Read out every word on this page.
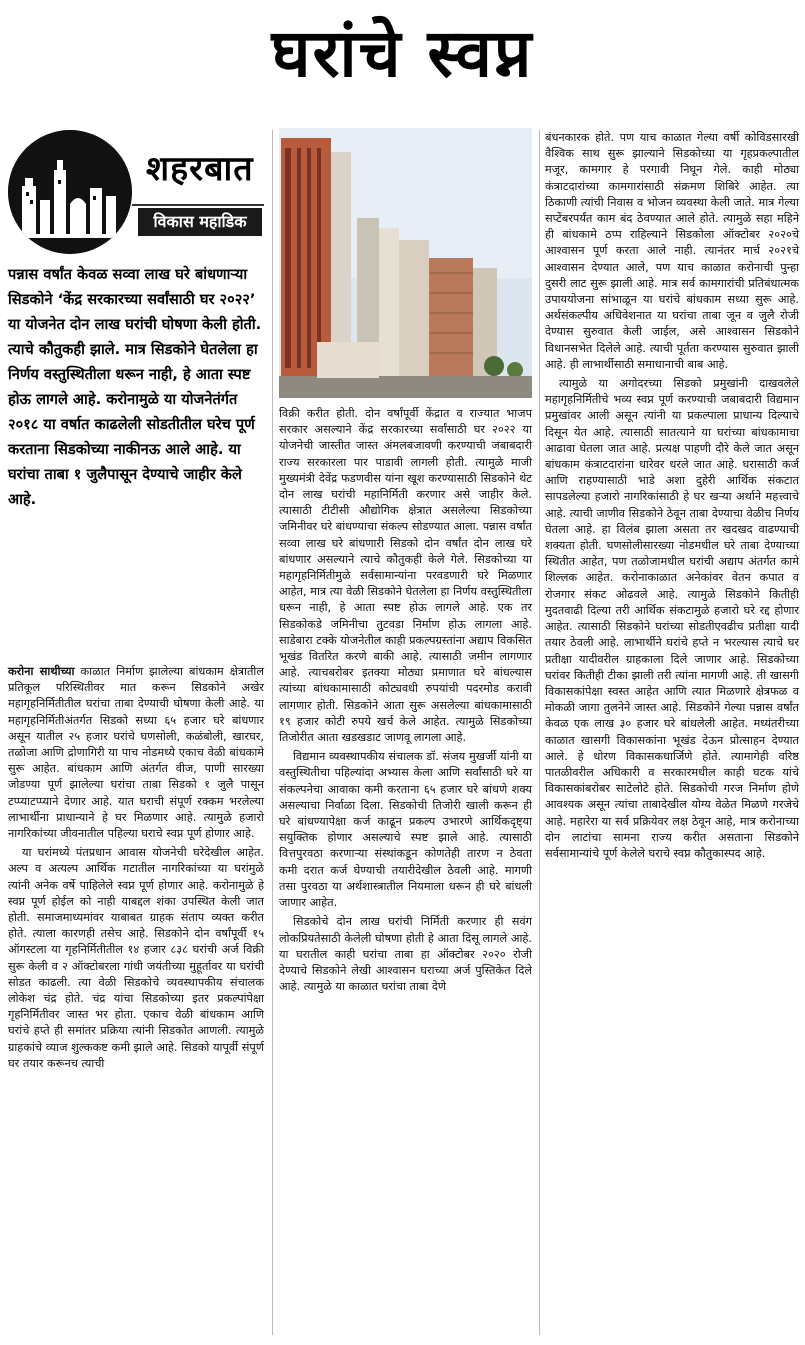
घरांचे स्वप्न
शहरबात
विकास महाडिक
पन्नास वर्षांत केवळ सव्वा लाख घरे बांधणाऱ्या सिडकोने ‘केंद्र सरकारच्या सर्वांसाठी घर २०२२’ या योजनेत दोन लाख घरांची घोषणा केली होती. त्याचे कौतुकही झाले. मात्र सिडकोने घेतलेला हा निर्णय वस्तुस्थितीला धरून नाही, हे आता स्पष्ट होऊ लागले आहे. करोनामुळे या योजनेतंर्गत २०१८ या वर्षात काढलेली सोडतीतील घरेच पूर्ण करताना सिडकोच्या नाकीनऊ आले आहे. या घरांचा ताबा १ जुलैपासून देण्याचे जाहीर केले आहे.

करोना साथीच्या काळात निर्माण झालेल्या बांधकाम क्षेत्रातील प्रतिकूल परिस्थितीवर मात करून सिडकोने अखेर महागृहनिर्मितीतील घरांचा ताबा देण्याची घोषणा केली आहे. या महागृहनिर्मितीअंतर्गत सिडको सध्या ६५ हजार घरे बांधणार असून यातील २५ हजार घरांचे घणसोली, कळंबोली, खारघर, तळोजा आणि द्रोणागिरी या पाच नोडमध्ये एकाच वेळी बांधकामे सुरू आहेत. बांधकाम आणि अंतर्गत वीज, पाणी सारख्या जोडण्या पूर्ण झालेल्या घरांचा ताबा सिडको १ जुलै पासून टप्प्याटप्प्याने देणार आहे. यात घराची संपूर्ण रक्कम भरलेल्या लाभार्थीना प्राधान्याने हे घर मिळणार आहे. त्यामुळे हजारो नागरिकांच्या जीवनातील पहिल्या घराचे स्वप्न पूर्ण होणार आहे.

या घरांमध्ये पंतप्रधान आवास योजनेची घरेदेखील आहेत. अल्प व अत्यल्प आर्थिक गटातील नागरिकांच्या या घरांमुळे त्यांनी अनेक वर्षे पाहिलेले स्वप्न पूर्ण होणार आहे. करोनामुळे हे स्वप्न पूर्ण होईल को नाही याबद्दल शंका उपस्थित केली जात होती. समाजमाध्यमांवर याबाबत ग्राहक संताप व्यक्त करीत होते. त्याला कारणही तसेच आहे. सिडकोने दोन वर्षांपूर्वी १५ ऑगस्टला या गृहनिर्मितीतील १४ हजार ८३८ घरांची अर्ज विक्री सुरू केली व २ ऑक्टोबरला गांधी जयंतीच्या मुहूर्तावर या घरांची सोडत काढली. त्या वेळी सिडकोचे व्यवस्थापकीय संचालक लोकेश चंद्र होते. चंद्र यांचा सिडकोच्या इतर प्रकल्पांपेक्षा गृहनिर्मितीवर जास्त भर होता. एकाच वेळी बांधकाम आणि घरांचे हप्ते ही समांतर प्रक्रिया त्यांनी सिडकोत आणली. त्यामुळे ग्राहकांचे व्याज शुल्ककष्ट कमी झाले आहे. सिडको यापूर्वी संपूर्ण घर तयार करूनच त्याची

विक्री करीत होती. दोन वर्षांपूर्वी केंद्रात व राज्यात भाजप सरकार असल्याने केंद्र सरकारच्या सर्वांसाठी घर २०२२ या योजनेची जास्तीत जास्त अंमलबजावणी करण्याची जबाबदारी राज्य सरकारला पार पाडावी लागली होती. त्यामुळे माजी मुख्यमंत्री देवेंद्र फडणवीस यांना खूश करण्यासाठी सिडकोने थेट दोन लाख घरांची महानिर्मिती करणार असे जाहीर केले. त्यासाठी टीटीसी औद्योगिक क्षेत्रात असलेल्या सिडकोच्या जमिनीवर घरे बांधण्याचा संकल्प सोडण्यात आला. पन्नास वर्षांत सव्वा लाख घरे बांधणारी सिडको दोन वर्षांत दोन लाख घरे बांधणार असल्याने त्याचे कौतुकही केले गेले. सिडकोच्या या महागृहनिर्मितीमुळे सर्वसामान्यांना परवडणारी घरे मिळणार आहेत, मात्र त्या वेळी सिडकोने घेतलेला हा निर्णय वस्तुस्थितीला धरून नाही, हे आता स्पष्ट होऊ लागले आहे. एक तर सिडकोकडे जमिनीचा तुटवडा निर्माण होऊ लागला आहे. साडेबारा टक्के योजनेतील काही प्रकल्पग्रस्तांना अद्याप विकसित भूखंड वितरित करणे बाकी आहे. त्यासाठी जमीन लागणार आहे. त्याचबरोबर इतक्या मोठ्या प्रमाणात घरे बांधल्यास त्यांच्या बांधकामासाठी कोट्यवधी रुपयांची पदरमोड करावी लागणार होती. सिडकोने आता सुरू असलेल्या बांधकामासाठी १९ हजार कोटी रुपये खर्च केले आहेत. त्यामुळे सिडकोच्या तिजोरीत आता खडखडाट जाणवू लागला आहे.

विद्यमान व्यवस्थापकीय संचालक डॉ. संजय मुखर्जी यांनी या वस्तुस्थितीचा पहिल्यांदा अभ्यास केला आणि सर्वांसाठी घरे या संकल्पनेचा आवाका कमी करताना ६५ हजार घरे बांधणे शक्य असल्याचा निर्वाळा दिला. सिडकोची तिजोरी खाली करून ही घरे बांधण्यापेक्षा कर्ज काढून प्रकल्प उभारणे आर्थिकदृष्ट्या सयुक्तिक होणार असल्याचे स्पष्ट झाले आहे. त्यासाठी वित्तपुरवठा करणाऱ्या संस्थांकडून कोणतेही तारण न ठेवता कमी दरात कर्ज घेण्याची तयारीदेखील ठेवली आहे. मागणी तसा पुरवठा या अर्थशास्त्रातील नियमाला धरून ही घरे बांधली जाणार आहेत.

सिडकोचे दोन लाख घरांची निर्मिती करणार ही सवंग लोकप्रियतेसाठी केलेली घोषणा होती हे आता दिसू लागले आहे. या घरातील काही घरांचा ताबा हा ऑक्टोबर २०२० रोजी देण्याचे सिडकोने लेखी आश्वासन घराच्या अर्ज पुस्तिकेत दिले आहे. त्यामुळे या काळात घरांचा ताबा देणे

बंधनकारक होते. पण याच काळात गेल्या वर्षी कोविडसारखी वैश्विक साथ सुरू झाल्याने सिडकोच्या या गृहप्रकल्पातील मजूर, कामगार हे परगावी निघून गेले. काही मोठ्या कंत्राटदारांच्या कामगारांसाठी संक्रमण शिबिरे आहेत. त्या ठिकाणी त्यांची निवास व भोजन व्यवस्था केली जाते. मात्र गेल्या सप्टेंबरपर्यंत काम बंद ठेवण्यात आले होते. त्यामुळे सहा महिने ही बांधकामे ठप्प राहिल्याने सिडकोला ऑक्टोबर २०२०चे आश्वासन पूर्ण करता आले नाही. त्यानंतर मार्च २०२१चे आश्वासन देण्यात आले, पण याच काळात करोनाची पुन्हा दुसरी लाट सुरू झाली आहे. मात्र सर्व कामगारांची प्रतिबंधात्मक उपाययोजना सांभाळून या घरांचे बांधकाम सध्या सुरू आहे. अर्थसंकल्पीय अधिवेशनात या घरांचा ताबा जून व जुलै रोजी देण्यास सुरुवात केली जाईल, असे आश्वासन सिडकोने विधानसभेत दिलेले आहे. त्याची पूर्तता करण्यास सुरुवात झाली आहे. ही लाभार्थीसाठी समाधानाची बाब आहे.

त्यामुळे या अगोदरच्या सिडको प्रमुखांनी दाखवलेले महागृहनिर्मितीचे भव्य स्वप्न पूर्ण करण्याची जबाबदारी विद्यमान प्रमुखांवर आली असून त्यांनी या प्रकल्पाला प्राधान्य दिल्याचे दिसून येत आहे. त्यासाठी सातत्याने या घरांच्या बांधकामाचा आढावा घेतला जात आहे. प्रत्यक्ष पाहणी दौरे केले जात असून बांधकाम कंत्राटदारांना धारेवर धरले जात आहे. घरासाठी कर्ज आणि राहण्यासाठी भाडे अशा दुहेरी आर्थिक संकटात सापडलेल्या हजारो नागरिकांसाठी हे घर खऱ्या अर्थाने महत्त्वाचे आहे. त्याची जाणीव सिडकोने ठेवून ताबा देण्याचा वेळीच निर्णय घेतला आहे. हा विलंब झाला असता तर खदखद वाढण्याची शक्यता होती. घणसोलीसारख्या नोडमधील घरे ताबा देण्याच्या स्थितीत आहेत, पण तळोजामधील घरांची अद्याप अंतर्गत कामे शिल्लक आहेत. करोनाकाळात अनेकांवर वेतन कपात व रोजगार संकट ओढवले आहे. त्यामुळे सिडकोने कितीही मुदतवाढी दिल्या तरी आर्थिक संकटामुळे हजारो घरे रद्द होणार आहेत. त्यासाठी सिडकोने घरांच्या सोडतीएवढीच प्रतीक्षा यादी तयार ठेवली आहे. लाभार्थीने घरांचे हप्ते न भरल्यास त्याचे घर प्रतीक्षा यादीवरील ग्राहकाला दिले जाणार आहे. सिडकोच्या घरांवर कितीही टीका झाली तरी त्यांना मागणी आहे. ती खासगी विकासकांपेक्षा स्वस्त आहेत आणि त्यात मिळणारे क्षेत्रफळ व मोकळी जागा तुलनेने जास्त आहे. सिडकोने गेल्या पन्नास वर्षांत केवळ एक लाख ३० हजार घरे बांधलेली आहेत. मध्यंतरीच्या काळात खासगी विकासकांना भूखंड देऊन प्रोत्साहन देण्यात आले. हे धोरण विकासकधार्जिणे होते. त्यामागेही वरिष्ठ पातळीवरील अधिकारी व सरकारमधील काही घटक यांचे विकासकांबरोबर साटेलोटे होते. सिडकोची गरज निर्माण होणे आवश्यक असून त्यांचा ताबादेखील योग्य वेळेत मिळणे गरजेचे आहे. महारेरा या सर्व प्रक्रियेवर लक्ष ठेवून आहे, मात्र करोनाच्या दोन लाटांचा सामना राज्य करीत असताना सिडकोने सर्वसामान्यांचे पूर्ण केलेले घराचे स्वप्न कौतुकास्पद आहे.
